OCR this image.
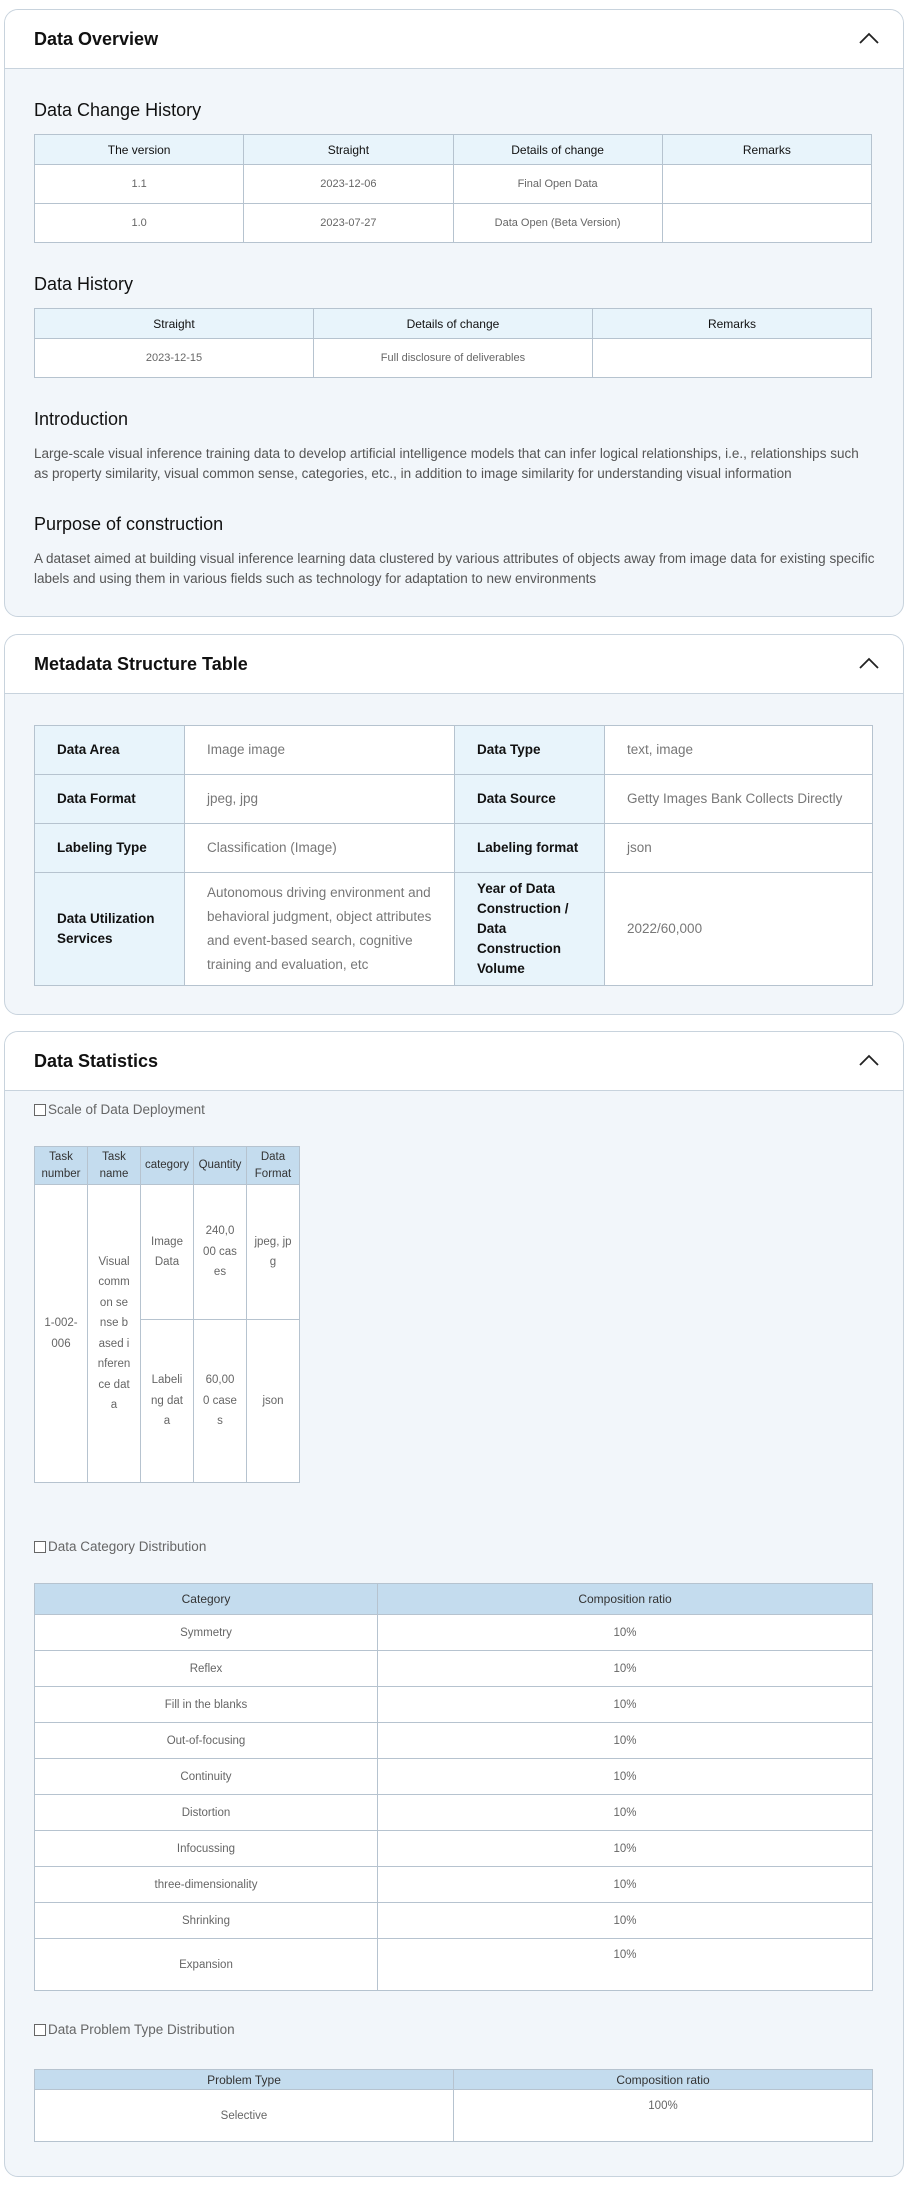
Data Overview
Data Change History
The version	Straight	Details of change	Remarks
1.1	2023-12-06	Final Open Data	
1.0	2023-07-27	Data Open (Beta Version)	
Data History
Straight	Details of change	Remarks
2023-12-15	Full disclosure of deliverables	
Introduction
Large-scale visual inference training data to develop artificial intelligence models that can infer logical relationships, i.e., relationships such as property similarity, visual common sense, categories, etc., in addition to image similarity for understanding visual information
Purpose of construction
A dataset aimed at building visual inference learning data clustered by various attributes of objects away from image data for existing specific labels and using them in various fields such as technology for adaptation to new environments
Metadata Structure Table
Data Area	Image image	Data Type	text, image
Data Format	jpeg, jpg	Data Source	Getty Images Bank Collects Directly
Labeling Type	Classification (Image)	Labeling format	json
Data Utilization Services	Autonomous driving environment and behavioral judgment, object attributes and event-based search, cognitive training and evaluation, etc	Year of Data Construction / Data Construction Volume	2022/60,000
Data Statistics
Scale of Data Deployment
Task number	Task name	category	Quantity	Data Format
1-002-006	Visual common sense based inference data	Image Data	240,000 cases	jpeg, jpg
		Labeling data	60,000 cases	json
Data Category Distribution
Category	Composition ratio
Symmetry	10%
Reflex	10%
Fill in the blanks	10%
Out-of-focusing	10%
Continuity	10%
Distortion	10%
Infocussing	10%
three-dimensionality	10%
Shrinking	10%
Expansion	10%
Data Problem Type Distribution
Problem Type	Composition ratio
Selective	100%
